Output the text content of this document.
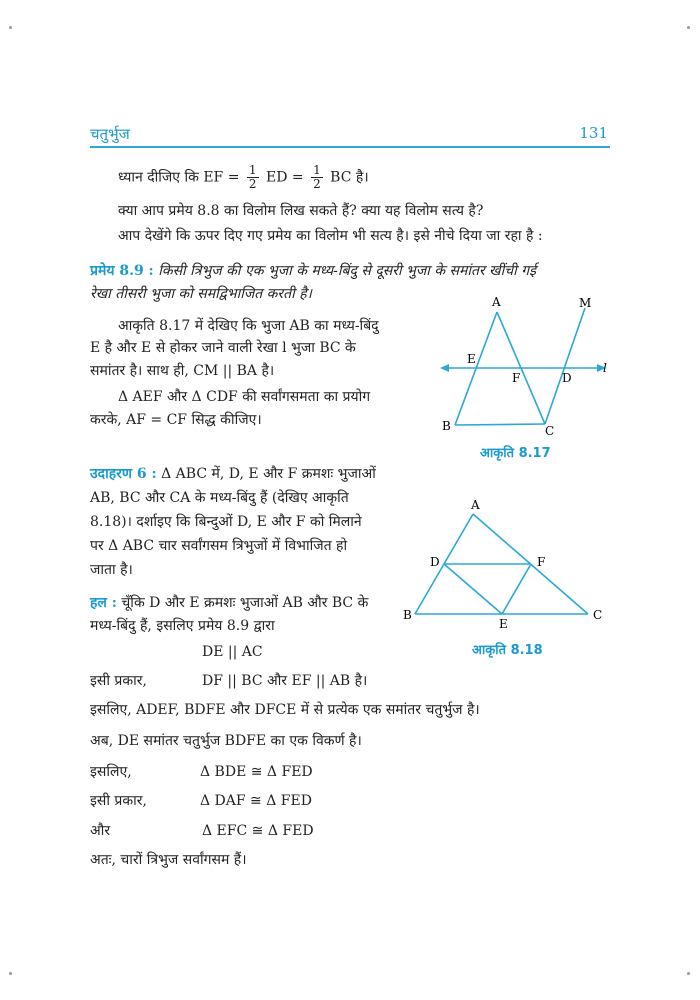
चतुर्भुज	131
ध्यान दीजिए कि EF = $\frac{1}{2}$ ED = $\frac{1}{2}$ BC है।
क्या आप प्रमेय 8.8 का विलोम लिख सकते हैं? क्या यह विलोम सत्य है?
आप देखेंगे कि ऊपर दिए गए प्रमेय का विलोम भी सत्य है। इसे नीचे दिया जा रहा है :
प्रमेय 8.9 : किसी त्रिभुज की एक भुजा के मध्य-बिंदु से दूसरी भुजा के समांतर खींची गई
रेखा तीसरी भुजा को समद्विभाजित करती है।
आकृति 8.17 में देखिए कि भुजा AB का मध्य-बिंदु
E है और E से होकर जाने वाली रेखा l भुजा BC के
समांतर है। साथ ही, CM || BA है।
Δ AEF और Δ CDF की सर्वांगसमता का प्रयोग
करके, AF = CF सिद्ध कीजिए।
A	M
E
F	D
l
B	C
आकृति 8.17
उदाहरण 6 : Δ ABC में, D, E और F क्रमशः भुजाओं
AB, BC और CA के मध्य-बिंदु हैं (देखिए आकृति
8.18)। दर्शाइए कि बिन्दुओं D, E और F को मिलाने
पर Δ ABC चार सर्वांगसम त्रिभुजों में विभाजित हो
जाता है।
A
D	F
B
E
C
आकृति 8.18
हल : चूँकि D और E क्रमशः भुजाओं AB और BC के
मध्य-बिंदु हैं, इसलिए प्रमेय 8.9 द्वारा
DE || AC
इसी प्रकार,	DF || BC और EF || AB है।
इसलिए, ADEF, BDFE और DFCE में से प्रत्येक एक समांतर चतुर्भुज है।
अब, DE समांतर चतुर्भुज BDFE का एक विकर्ण है।
इसलिए,	Δ BDE ≅ Δ FED
इसी प्रकार,	Δ DAF ≅ Δ FED
और	Δ EFC ≅ Δ FED
अतः, चारों त्रिभुज सर्वांगसम हैं।
